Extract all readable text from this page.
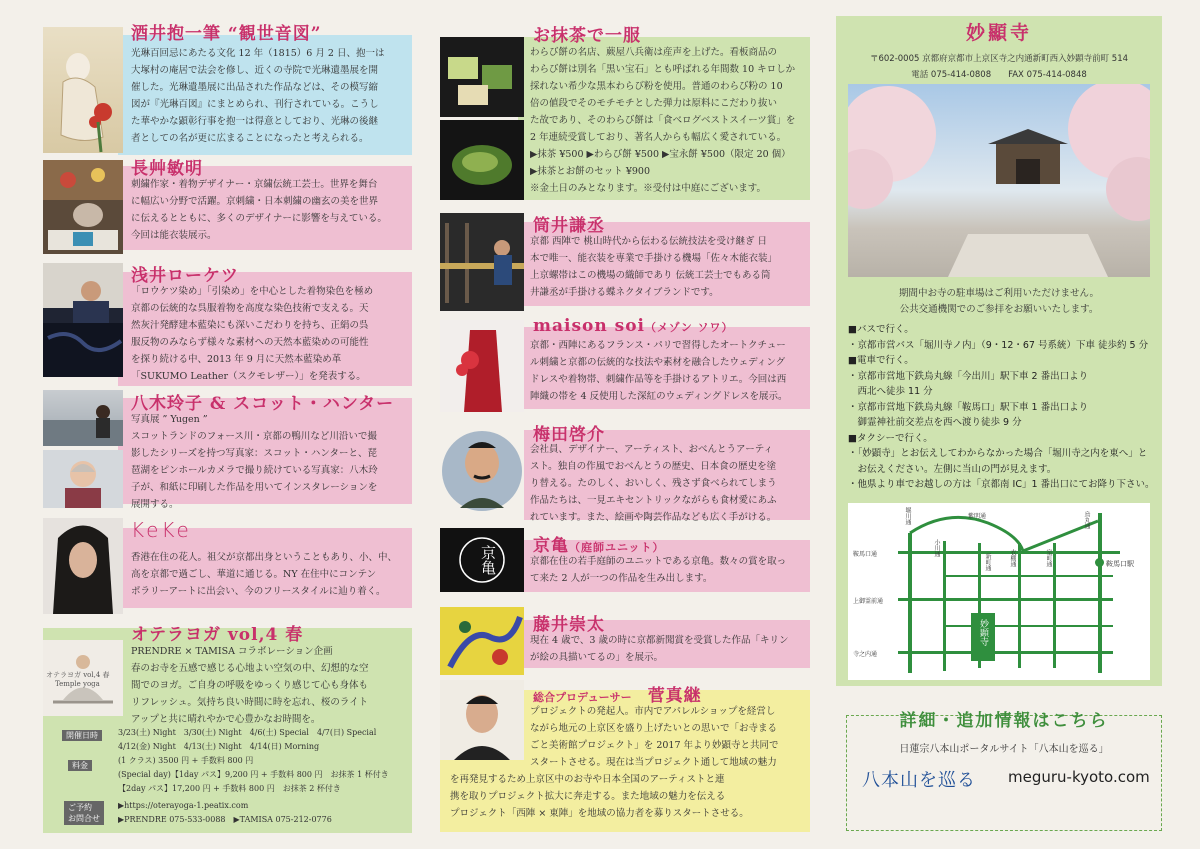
酒井抱一筆 “観世音図”

光琳百回忌にあたる文化 12 年（1815）6 月 2 日、抱一は

大塚村の庵居で法会を修し、近くの寺院で光琳遺墨展を開

催した。光琳遺墨展に出品された作品などは、その模写縮

図が『光琳百図』にまとめられ、刊行されている。こうし

た華やかな顕彰行事を抱一は得意としており、光琳の後継

者としての名が更に広まることになったと考えられる。

長艸敏明

刺繍作家・着物デザイナー・京繍伝統工芸士。世界を舞台

に幅広い分野で活躍。京刺繍・日本刺繍の幽玄の美を世界

に伝えるとともに、多くのデザイナーに影響を与えている。

今回は能衣装展示。

浅井ローケツ

「ロウケツ染め」「引染め」を中心とした着物染色を極め

京都の伝統的な呉服着物を高度な染色技術で支える。天

然灰汁発酵建本藍染にも深いこだわりを持ち、正絹の呉

服反物のみならず様々な素材への天然本藍染めの可能性

を探り続ける中、2013 年 9 月に天然本藍染め革

「SUKUMO Leather（スクモレザー）」を発表する。

八木玲子 & スコット・ハンター

写真展 ” Yugen ”

スコットランドのフォース川・京都の鴨川など川沿いで撮

影したシリーズを持つ写真家：スコット・ハンターと、琵

琶湖をピンホールカメラで撮り続けている写真家：八木玲

子が、和紙に印刷した作品を用いてインスタレーションを

展開する。

KeKe

香港在住の花人。祖父が京都出身ということもあり、小、中、

高を京都で過ごし、華道に通じる。NY 在住中にコンテン

ポラリーアートに出会い、今のフリースタイルに辿り着く。

オテラヨガ vol,4 春
Temple yoga
オテラヨガ vol,4 春

PRENDRE × TAMISA コラボレーション企画

春のお寺を五感で感じる心地よい空気の中、幻想的な空

間でのヨガ。ご自身の呼吸をゆっくり感じて心も身体も

リフレッシュ。気持ち良い時間に時を忘れ、桜のライト

アップと共に晴れやかで心豊かなお時間を。

開催日時	3/23(土) Night　3/30(土) Night　4/6(土) Special　4/7(日) Special

4/12(金) Night　4/13(土) Night　4/14(日) Morning

料金

(1 クラス) 3500 円 + 手数料 800 円

(Special day)【1day パス】9,200 円 + 手数料 800 円　お抹茶 1 杯付き

【2day パス】17,200 円 + 手数料 800 円　お抹茶 2 杯付き

ご予約
お問合せ

▶https://oterayoga-1.peatix.com

▶PRENDRE 075-533-0088　▶TAMISA 075-212-0776

お抹茶で一服

わらび餅の名店、蕨屋八兵衛は産声を上げた。看板商品の

わらび餅は別名「黒い宝石」とも呼ばれる年間数 10 キロしか

採れない希少な黒本わらび粉を使用。普通のわらび粉の 10

倍の値段でそのモチモチとした弾力は原料にこだわり抜い

た故であり、そのわらび餅は「食べログベストスイーツ賞」を

2 年連続受賞しており、著名人からも幅広く愛されている。

▶抹茶 ¥500 ▶わらび餅 ¥500 ▶宝永餅 ¥500（限定 20 個）

▶抹茶とお餅のセット ¥900

※金土日のみとなります。※受付は中庭にございます。

筒井謙丞

京都 西陣で 桃山時代から伝わる伝統技法を受け継ぎ 日

本で唯一、能衣装を専業で手掛ける機場「佐々木能衣装」

上京螺帯はこの機場の織師であり 伝統工芸士でもある筒

井謙丞が手掛ける蝶ネクタイブランドです。

maison soi（メゾン ソワ）

京都・西陣にあるフランス・パリで習得したオートクチュー

ル刺繍と京都の伝統的な技法や素材を融合したウェディング

ドレスや着物帯、刺繍作品等を手掛けるアトリエ。今回は西

陣織の帯を 4 反使用した深紅のウェディングドレスを展示。

梅田啓介

会社員、デザイナー、アーティスト、おべんとうアーティ

スト。独自の作風でおべんとうの歴史、日本食の歴史を塗

り替える。たのしく、おいしく、残さず食べられてしまう

作品たちは、一見エキセントリックながらも食材愛にあふ

れています。また、絵画や陶芸作品なども広く手がける。

京亀 京亀（庭師ユニット）

京都在住の若手庭師のユニットである京亀。数々の賞を取っ

て来た 2 人が一つの作品を生み出します。

藤井崇太

現在 4 歳で、3 歳の時に京都新聞賞を受賞した作品「キリン

が絵の具描いてるの」を展示。

総合プロデューサー　 菅真継

プロジェクトの発起人。市内でアパレルショップを経営し

ながら地元の上京区を盛り上げたいとの思いで「お寺まる

ごと美術館プロジェクト」を 2017 年より妙顕寺と共同で

スタートさせる。現在は当プロジェクト通して地域の魅力

を再発見するため上京区中のお寺や日本全国のアーティストと連

携を取りプロジェクト拡大に奔走する。また地域の魅力を伝える

プロジェクト「西陣 × 東陣」を地域の協力者を募りスタートさせる。

妙顯寺
〒602-0005 京都府京都市上京区寺之内通新町西入妙顕寺前町 514
電話 075-414-0808　　FAX 075-414-0848
期間中お寺の駐車場はご利用いただけません。
公共交通機関でのご参拝をお願いいたします。

■バスで行く。

・京都市営バス「堀川寺ノ内」（9・12・67 号系統）下車 徒歩約 5 分

■電車で行く。

・京都市営地下鉄烏丸線「今出川」駅下車 2 番出口より

　西北へ徒歩 11 分

・京都市営地下鉄烏丸線「鞍馬口」駅下車 1 番出口より

　御霊神社前交差点を西へ渡り徒歩 9 分

■タクシーで行く。

・「妙顕寺」とお伝えしてわからなかった場合「堀川寺之内を東へ」と

　お伝えください。左側に当山の門が見えます。

・他県より車でお越しの方は「京都南 IC」1 番出口にてお降り下さい。

妙顕寺
鞍馬口駅
鞍馬口通
上御霊前通
寺之内通
紫明通
堀川通
小川通
新町通	衣棚通	室町通
烏丸通
詳細・追加情報はこちら
日蓮宗八本山ポータルサイト「八本山を巡る」
八本山を巡る meguru-kyoto.com
